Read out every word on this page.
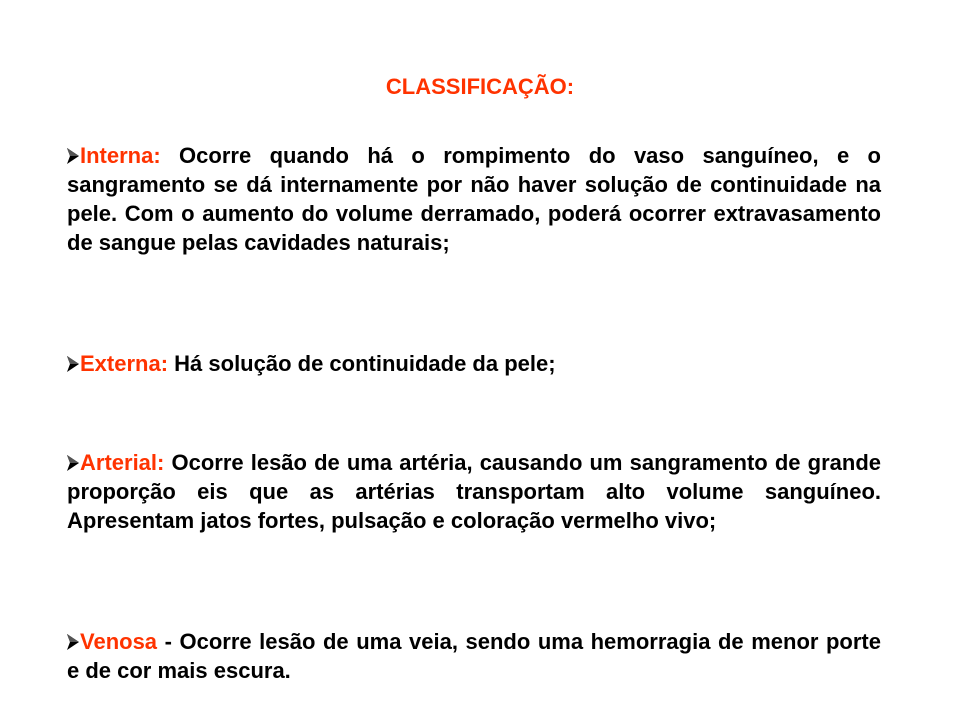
CLASSIFICAÇÃO:
Interna: Ocorre quando há o rompimento do vaso sanguíneo, e o sangramento se dá internamente por não haver solução de continuidade na pele. Com o aumento do volume derramado, poderá ocorrer extravasamento de sangue pelas cavidades naturais;
Externa: Há solução de continuidade da pele;
Arterial: Ocorre lesão de uma artéria, causando um sangramento de grande proporção eis que as artérias transportam alto volume sanguíneo. Apresentam jatos fortes, pulsação e coloração vermelho vivo;
Venosa - Ocorre lesão de uma veia, sendo uma hemorragia de menor porte e de cor mais escura.
